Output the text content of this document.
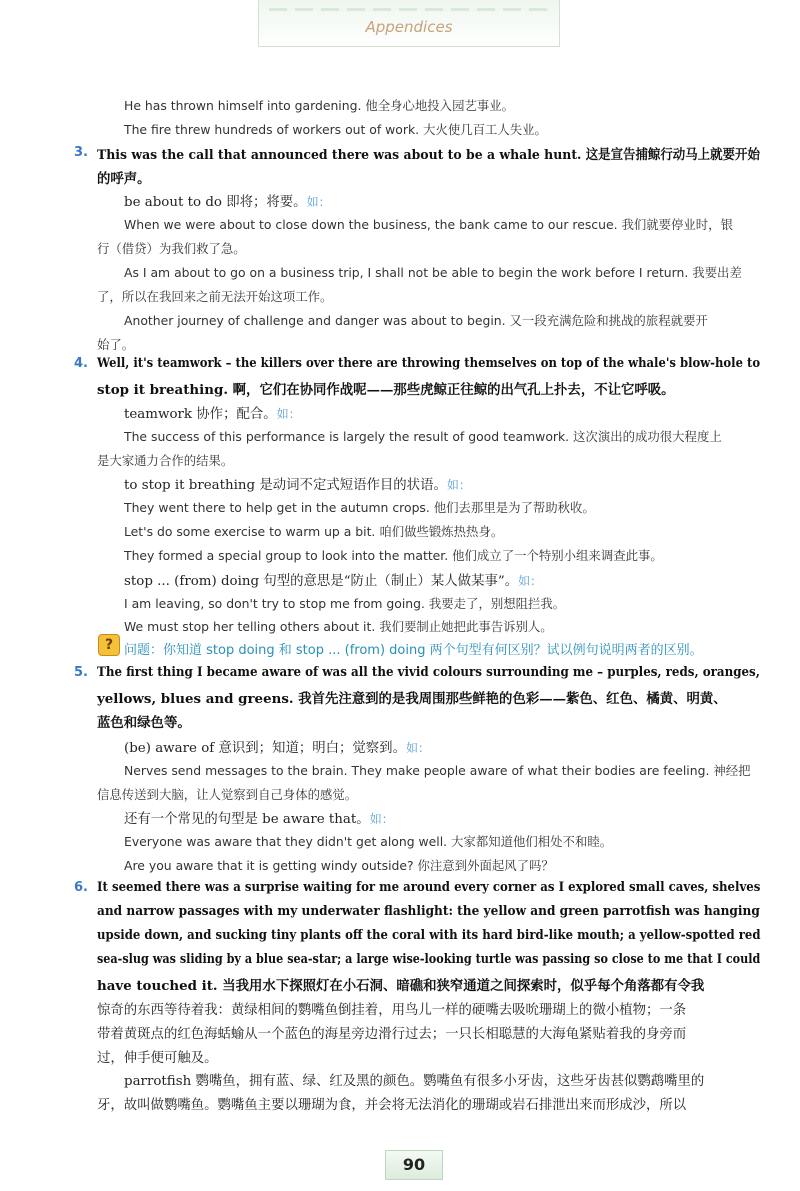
Appendices
He has thrown himself into gardening. 他全身心地投入园艺事业。
The fire threw hundreds of workers out of work. 大火使几百工人失业。
3. This was the call that announced there was about to be a whale hunt. 这是宣告捕鲸行动马上就要开始
的呼声。
be about to do 即将；将要。如：
When we were about to close down the business, the bank came to our rescue. 我们就要停业时，银
行（借贷）为我们救了急。
As I am about to go on a business trip, I shall not be able to begin the work before I return. 我要出差
了，所以在我回来之前无法开始这项工作。
Another journey of challenge and danger was about to begin. 又一段充满危险和挑战的旅程就要开
始了。
4. Well, it's teamwork – the killers over there are throwing themselves on top of the whale's blow-hole to
stop it breathing. 啊，它们在协同作战呢——那些虎鲸正往鲸的出气孔上扑去，不让它呼吸。
teamwork 协作；配合。如：
The success of this performance is largely the result of good teamwork. 这次演出的成功很大程度上
是大家通力合作的结果。
to stop it breathing 是动词不定式短语作目的状语。如：
They went there to help get in the autumn crops. 他们去那里是为了帮助秋收。
Let's do some exercise to warm up a bit. 咱们做些锻炼热热身。
They formed a special group to look into the matter. 他们成立了一个特别小组来调查此事。
stop ... (from) doing 句型的意思是“防止（制止）某人做某事”。如：
I am leaving, so don't try to stop me from going. 我要走了，别想阻拦我。
We must stop her telling others about it. 我们要制止她把此事告诉别人。
? 问题：你知道 stop doing 和 stop ... (from) doing 两个句型有何区别？试以例句说明两者的区别。
5. The first thing I became aware of was all the vivid colours surrounding me – purples, reds, oranges,
yellows, blues and greens. 我首先注意到的是我周围那些鲜艳的色彩——紫色、红色、橘黄、明黄、
蓝色和绿色等。
(be) aware of 意识到；知道；明白；觉察到。如：
Nerves send messages to the brain. They make people aware of what their bodies are feeling. 神经把
信息传送到大脑，让人觉察到自己身体的感觉。
还有一个常见的句型是 be aware that。如：
Everyone was aware that they didn't get along well. 大家都知道他们相处不和睦。
Are you aware that it is getting windy outside? 你注意到外面起风了吗？
6. It seemed there was a surprise waiting for me around every corner as I explored small caves, shelves
and narrow passages with my underwater flashlight: the yellow and green parrotfish was hanging
upside down, and sucking tiny plants off the coral with its hard bird-like mouth; a yellow-spotted red
sea-slug was sliding by a blue sea-star; a large wise-looking turtle was passing so close to me that I could
have touched it. 当我用水下探照灯在小石洞、暗礁和狭窄通道之间探索时，似乎每个角落都有令我
惊奇的东西等待着我：黄绿相间的鹦嘴鱼倒挂着，用鸟儿一样的硬嘴去吸吮珊瑚上的微小植物；一条
带着黄斑点的红色海蛞蝓从一个蓝色的海星旁边滑行过去；一只长相聪慧的大海龟紧贴着我的身旁而
过，伸手便可触及。
parrotfish 鹦嘴鱼，拥有蓝、绿、红及黑的颜色。鹦嘴鱼有很多小牙齿，这些牙齿甚似鹦鹉嘴里的
牙，故叫做鹦嘴鱼。鹦嘴鱼主要以珊瑚为食，并会将无法消化的珊瑚或岩石排泄出来而形成沙，所以
90
